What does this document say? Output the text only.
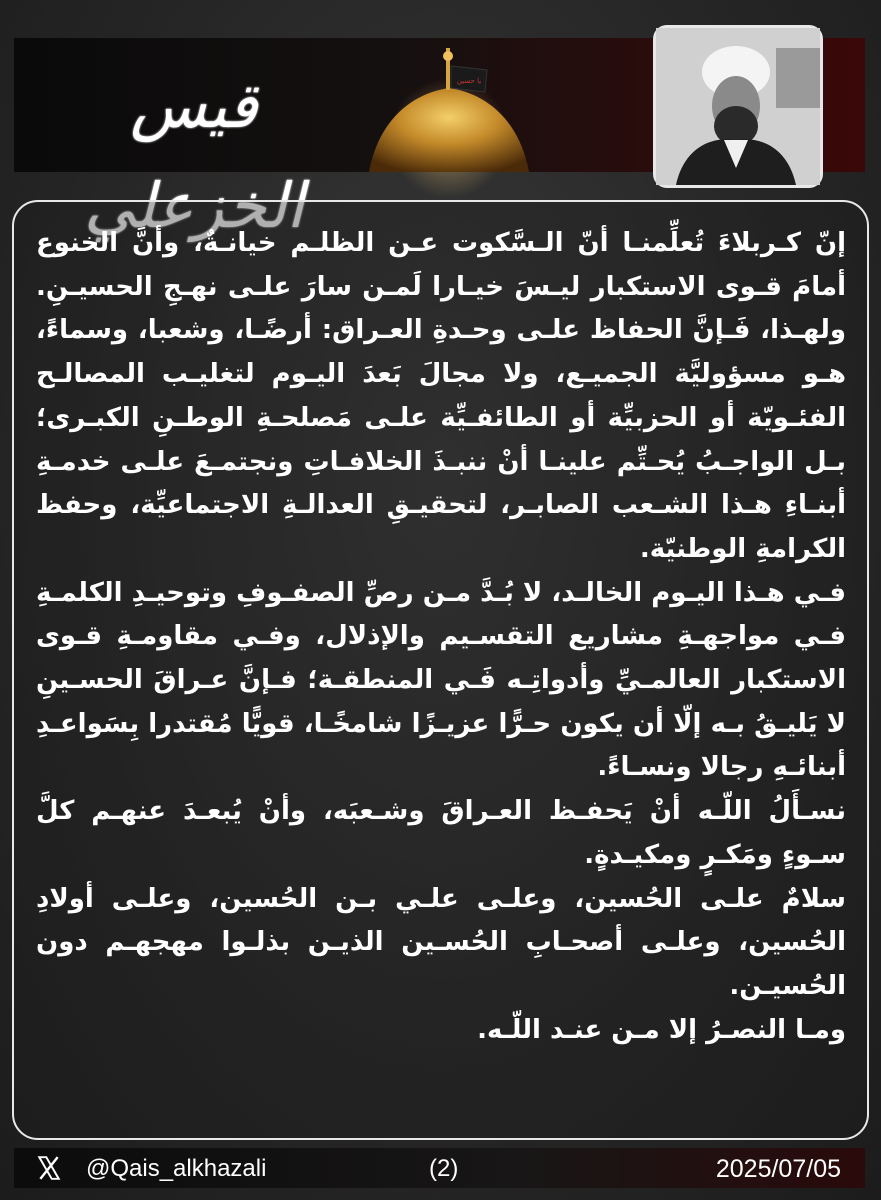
قيس الخزعلي
يا حسين

إنّ كـربلاءَ تُعلِّمنـا أنّ الـسَّكوت عـن الظلـم خيانـةٌ، وأنَّ الخنوع أمامَ قـوى الاستكبار ليـسَ خيـارا لَمـن سارَ علـى نهـجِ الحسيـنِ. ولهـذا، فَـإنَّ الحفاظ علـى وحـدةِ العـراق: أرضًـا، وشعبا، وسماءً، هـو مسؤوليَّة الجميـع، ولا مجالَ بَعدَ اليـوم لتغليـب المصالـح الفئـويّة أو الحزبيِّة أو الطائفـيِّة علـى مَصلحـةِ الوطـنِ الكبـرى؛ بـل الواجـبُ يُحـتِّم علينـا أنْ ننبـذَ الخلافـاتِ ونجتمـعَ علـى خدمـةِ أبنـاءِ هـذا الشـعب الصابـر، لتحقيـقِ العدالـةِ الاجتماعيِّة، وحفظ الكرامةِ الوطنيّة.

فـي هـذا اليـوم الخالـد، لا بُـدَّ مـن رصِّ الصفـوفِ وتوحيـدِ الكلمـةِ فـي مواجهـةِ مشاريع التقسـيم والإذلال، وفـي مقاومـةِ قـوى الاستكبار العالمـيِّ وأدواتِـه فَـي المنطقـة؛ فـإنَّ عـراقَ الحسـينِ لا يَليـقُ بـه إلّا أن يكون حـرًّا عزيـزًا شامخًـا، قويًّا مُقتدرا بِسَواعـدِ أبنائـهِ رجالا ونسـاءً.

نسـأَلُ اللّـه أنْ يَحفـظ العـراقَ وشـعبَه، وأنْ يُبعـدَ عنهـم كلَّ سـوءٍ ومَكـرٍ ومكيـدةٍ.

سلامٌ علـى الحُسين، وعلـى علـي بـن الحُسين، وعلـى أولادِ الحُسين، وعلـى أصحـابِ الحُسـين الذيـن بذلـوا مهجهـم دون الحُسيـن.

ومـا النصـرُ إلا مـن عنـد اللّـه.

@Qais_alkhazali	(2)	2025/07/05
